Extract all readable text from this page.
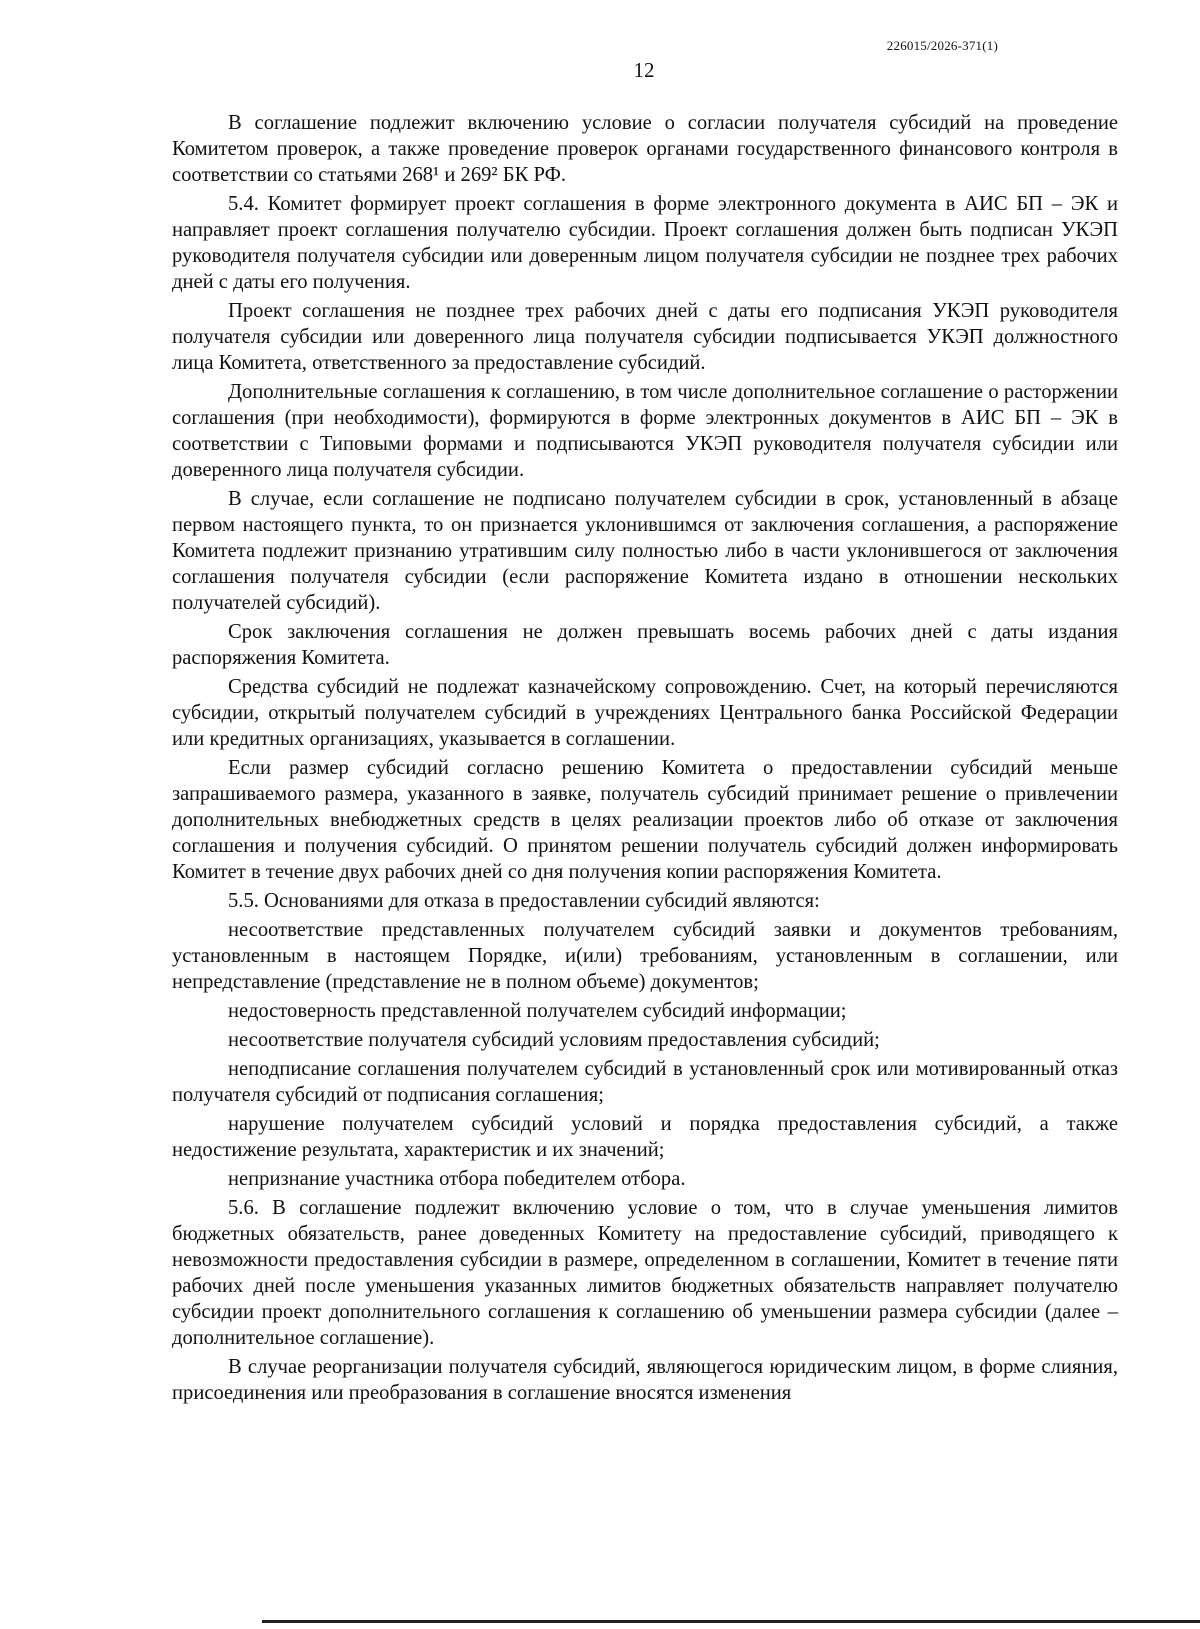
226015/2026-371(1)
12

В соглашение подлежит включению условие о согласии получателя субсидий на проведение Комитетом проверок, а также проведение проверок органами государственного финансового контроля в соответствии со статьями 268¹ и 269² БК РФ.

5.4. Комитет формирует проект соглашения в форме электронного документа в АИС БП – ЭК и направляет проект соглашения получателю субсидии. Проект соглашения должен быть подписан УКЭП руководителя получателя субсидии или доверенным лицом получателя субсидии не позднее трех рабочих дней с даты его получения.

Проект соглашения не позднее трех рабочих дней с даты его подписания УКЭП руководителя получателя субсидии или доверенного лица получателя субсидии подписывается УКЭП должностного лица Комитета, ответственного за предоставление субсидий.

Дополнительные соглашения к соглашению, в том числе дополнительное соглашение о расторжении соглашения (при необходимости), формируются в форме электронных документов в АИС БП – ЭК в соответствии с Типовыми формами и подписываются УКЭП руководителя получателя субсидии или доверенного лица получателя субсидии.

В случае, если соглашение не подписано получателем субсидии в срок, установленный в абзаце первом настоящего пункта, то он признается уклонившимся от заключения соглашения, а распоряжение Комитета подлежит признанию утратившим силу полностью либо в части уклонившегося от заключения соглашения получателя субсидии (если распоряжение Комитета издано в отношении нескольких получателей субсидий).

Срок заключения соглашения не должен превышать восемь рабочих дней с даты издания распоряжения Комитета.

Средства субсидий не подлежат казначейскому сопровождению. Счет, на который перечисляются субсидии, открытый получателем субсидий в учреждениях Центрального банка Российской Федерации или кредитных организациях, указывается в соглашении.

Если размер субсидий согласно решению Комитета о предоставлении субсидий меньше запрашиваемого размера, указанного в заявке, получатель субсидий принимает решение о привлечении дополнительных внебюджетных средств в целях реализации проектов либо об отказе от заключения соглашения и получения субсидий. О принятом решении получатель субсидий должен информировать Комитет в течение двух рабочих дней со дня получения копии распоряжения Комитета.

5.5. Основаниями для отказа в предоставлении субсидий являются:

несоответствие представленных получателем субсидий заявки и документов требованиям, установленным в настоящем Порядке, и(или) требованиям, установленным в соглашении, или непредставление (представление не в полном объеме) документов;

недостоверность представленной получателем субсидий информации;

несоответствие получателя субсидий условиям предоставления субсидий;

неподписание соглашения получателем субсидий в установленный срок или мотивированный отказ получателя субсидий от подписания соглашения;

нарушение получателем субсидий условий и порядка предоставления субсидий, а также недостижение результата, характеристик и их значений;

непризнание участника отбора победителем отбора.

5.6. В соглашение подлежит включению условие о том, что в случае уменьшения лимитов бюджетных обязательств, ранее доведенных Комитету на предоставление субсидий, приводящего к невозможности предоставления субсидии в размере, определенном в соглашении, Комитет в течение пяти рабочих дней после уменьшения указанных лимитов бюджетных обязательств направляет получателю субсидии проект дополнительного соглашения к соглашению об уменьшении размера субсидии (далее – дополнительное соглашение).

В случае реорганизации получателя субсидий, являющегося юридическим лицом, в форме слияния, присоединения или преобразования в соглашение вносятся изменения
